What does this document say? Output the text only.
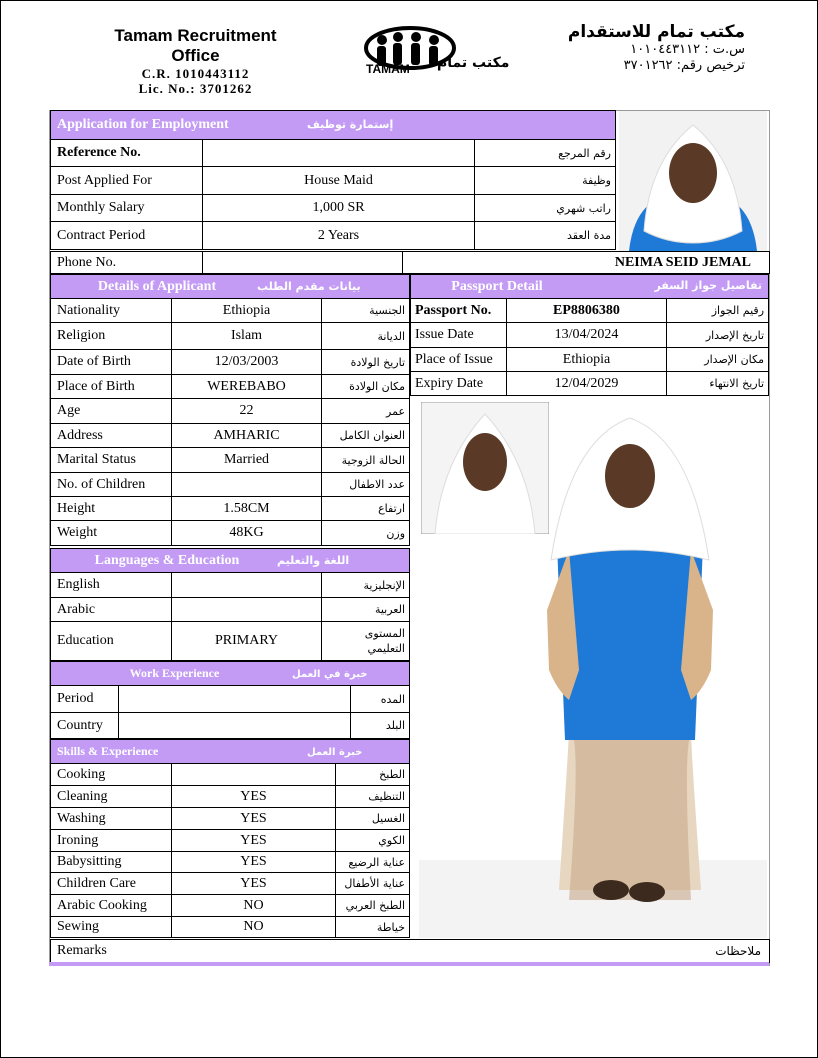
Tamam Recruitment Office
C.R. 1010443112
Lic. No.: 3701262
TAMAM مكتب تمام
مكتب تمام للاستقدام
س.ت : ١٠١٠٤٤٣١١٢
ترخيص رقم: ٣٧٠١٢٦٢
Application for Employment إستمارة توظيف		
Reference No.		رقم المرجع
Post Applied For	House Maid	وظيفة
Monthly Salary	1,000 SR	راتب شهري
Contract Period	2 Years	مدة العقد
Phone No.		NEIMA SEID JEMAL
Details of Applicant بيانات مقدم الطلب		
Nationality	Ethiopia	الجنسية
Religion	Islam	الديانة
Date of Birth	12/03/2003	تاريخ الولادة
Place of Birth	WEREBABO	مكان الولادة
Age	22	عمر
Address	AMHARIC	العنوان الكامل
Marital Status	Married	الحالة الزوجية
No. of Children		عدد الاطفال
Height	1.58CM	ارتفاع
Weight	48KG	وزن
Languages & Education اللغة والتعليم		
English		الإنجليزية
Arabic		العربية
Education	PRIMARY	المستوى التعليمي
Work Experience خبرة في العمل		
Period		المده
Country		البلد
Skills & Experience خبرة العمل		
Cooking		الطبخ
Cleaning	YES	التنظيف
Washing	YES	الغسيل
Ironing	YES	الكوي
Babysitting	YES	عناية الرضيع
Children Care	YES	عناية الأطفال
Arabic Cooking	NO	الطبخ العربي
Sewing	NO	خياطة
Passport Detail تفاصيل جواز السفر		

Passport No.	EP8806380	رقيم الجواز
Issue Date	13/04/2024	تاريخ الإصدار
Place of Issue	Ethiopia	مكان الإصدار
Expiry Date	12/04/2029	تاريخ الانتهاء
Remarks	ملاحظات
